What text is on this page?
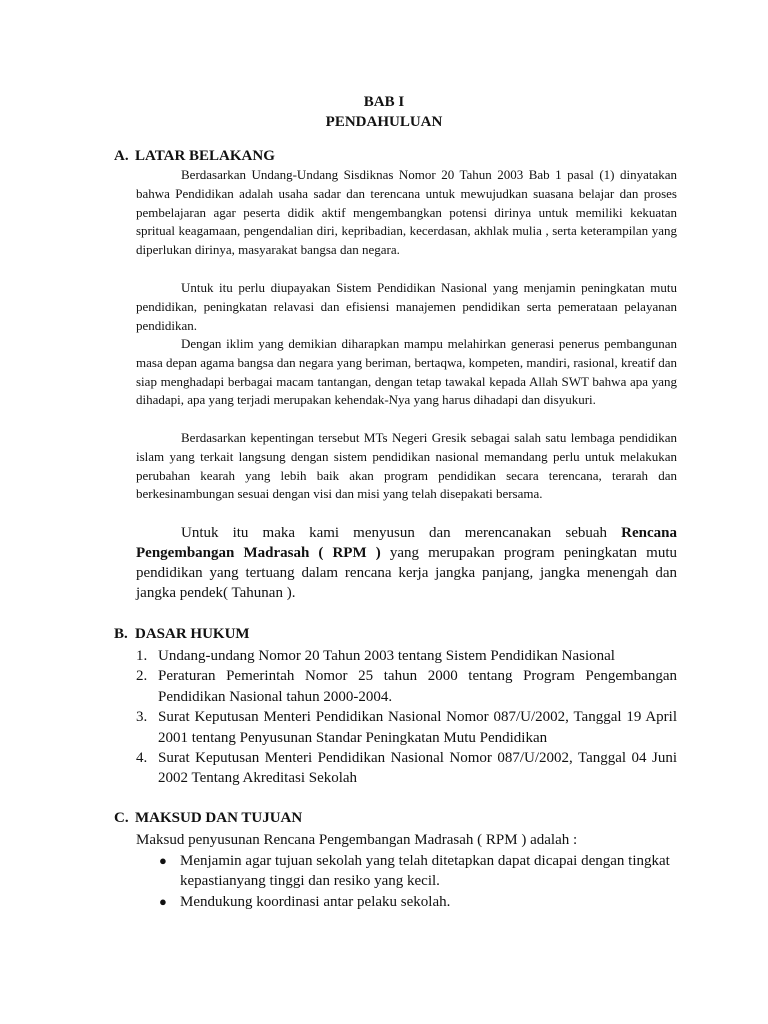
BAB I
PENDAHULUAN
A. LATAR BELAKANG

Berdasarkan Undang-Undang Sisdiknas Nomor 20 Tahun 2003 Bab 1 pasal (1) dinyatakan bahwa Pendidikan adalah usaha sadar dan terencana untuk mewujudkan suasana belajar dan proses pembelajaran agar peserta didik aktif mengembangkan potensi dirinya untuk memiliki kekuatan spritual keagamaan, pengendalian diri, kepribadian, kecerdasan, akhlak mulia , serta keterampilan yang diperlukan dirinya, masyarakat bangsa dan negara.

Untuk itu perlu diupayakan Sistem Pendidikan Nasional yang menjamin peningkatan mutu pendidikan, peningkatan relavasi dan efisiensi manajemen pendidikan serta pemerataan pelayanan pendidikan.

Dengan iklim yang demikian diharapkan mampu melahirkan generasi penerus pembangunan masa depan agama bangsa dan negara yang beriman, bertaqwa, kompeten, mandiri, rasional, kreatif dan siap menghadapi berbagai macam tantangan, dengan tetap tawakal kepada Allah SWT bahwa apa yang dihadapi, apa yang terjadi merupakan kehendak-Nya yang harus dihadapi dan disyukuri.

Berdasarkan kepentingan tersebut MTs Negeri Gresik sebagai salah satu lembaga pendidikan islam yang terkait langsung dengan sistem pendidikan nasional memandang perlu untuk melakukan perubahan kearah yang lebih baik akan program pendidikan secara terencana, terarah dan berkesinambungan sesuai dengan visi dan misi yang telah disepakati bersama.

Untuk itu maka kami menyusun dan merencanakan sebuah Rencana Pengembangan Madrasah ( RPM ) yang merupakan program peningkatan mutu pendidikan yang tertuang dalam rencana kerja jangka panjang, jangka menengah dan jangka pendek( Tahunan ).

B. DASAR HUKUM
1. Undang-undang Nomor 20 Tahun 2003 tentang Sistem Pendidikan Nasional
2. Peraturan Pemerintah Nomor 25 tahun 2000 tentang Program Pengembangan Pendidikan Nasional tahun 2000-2004.
3. Surat Keputusan Menteri Pendidikan Nasional Nomor 087/U/2002, Tanggal 19 April 2001 tentang Penyusunan Standar Peningkatan Mutu Pendidikan
4. Surat Keputusan Menteri Pendidikan Nasional Nomor 087/U/2002, Tanggal 04 Juni 2002 Tentang Akreditasi Sekolah
C. MAKSUD DAN TUJUAN

Maksud penyusunan Rencana Pengembangan Madrasah ( RPM ) adalah :

● Menjamin agar tujuan sekolah yang telah ditetapkan dapat dicapai dengan tingkat kepastianyang tinggi dan resiko yang kecil.
● Mendukung koordinasi antar pelaku sekolah.
